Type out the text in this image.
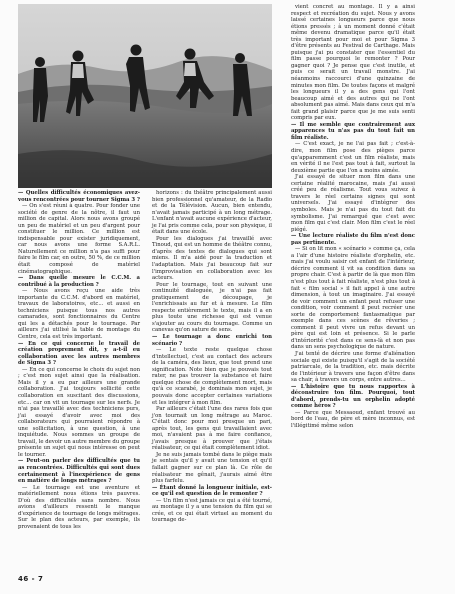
— Quelles difficultés économiques avez-vous rencontrées pour tourner Sigma 3 ?

— On s'est réuni à quatre. Pour fonder une société de genre de la nôtre, il faut un million de capital. Alors nous avons groupé un peu de matériel et un peu d'argent pour constituer le million. Ce million est indispensable pour exister juridiquement, car nous avons une forme S.A.R.L. Naturellement ce million n'a pas suffi pour faire le film car, en outre, 50 %, de ce million était composé de matériel cinématographique.

— Dans quelle mesure le C.C.M. a contribué à la production ?

— Nous avons reçu une aide très importante du C.C.M. d'abord en matériel, travaux de laboratoires, etc... et aussi en techniciens puisque tous nos autres camarades, sont fonctionnaires du Centre qui les a détachés pour le tournage. Par ailleurs j'ai utilisé la table de montage du Centre, cela est très important.

— En ce qui concerne le travail de création proprement dit, y a-t-il eu collaboration avec les autres membres de Sigma 3 ?

— En ce qui concerne le choix du sujet non ; c'est mon sujet ainsi que la réalisation. Mais il y a eu par ailleurs une grande collaboration. J'ai toujours sollicité cette collaboration en suscitant des discussions, etc... car on vit un tournage sur les nerfs. Je n'ai pas travaillé avec des techniciens purs, j'ai essayé d'avoir avec moi des collaborateurs qui pourraient répondre à une sollicitation, à une question, à une inquiétude. Nous sommes un groupe de travail, le devoir un autre membre du groupe présente un sujet qui nous intéresse on peut le tourner.

— Peut-on parler des difficultés que tu as rencontrées. Difficultés qui sont dues certainement à l'inexpérience de gens en matière de longs métrages ?

— Le tournage est une aventure et matériellement nous étions très pauvres. D'où des difficultés sans nombre. Nous avions d'ailleurs ressenti le manque d'expérience de tournage de longs métrages. Sur le plan des acteurs, par exemple, ils provenaient de tous les

horizons : du théâtre principalement aussi bien professionnel qu'amateur, de la Radio et de la Télévision. Aucun, bien entendu, n'avait jamais participé à un long métrage. L'enfant n'avait aucune expérience d'acteur, je l'ai pris comme cela, pour son physique, il était dans une école.

Pour les dialogues j'ai travaillé avec Tinoud, qui est un homme de théâtre connu, d'après des textes de dialogues qui sont miens. Il m'a aidé pour la traduction et l'adaptation. Mais j'ai beaucoup fait sur l'improvisation en collaboration avec les acteurs.

Pour le tournage, tout en suivant une continuité dialoguée, je n'ai pas fait pratiquement de découpage, je l'enrichissais au fur et à mesure. Le film respecte entièrement le texte, mais il a en plus toute une richesse qui est venue s'ajouter au cours du tournage. Comme un canevas qu'on sature de sens.

— Le tournage a donc enrichi ton scénario ?

— Le texte reste quelque chose d'intellectuel, c'est au contact des acteurs de la caméra, des lieux, que tout prend une signification. Note bien que je pouvais tout rater, ne pas trouver la substance et faire quelque chose de complètement mort, mais qu'à ce scarabé, je dominais mon sujet, je pouvais donc accepter certaines variations et les intégrer à mon film.

Par ailleurs c'était l'une des rares fois que j'on tournait un long métrage au Maroc. C'était donc pour moi presque un pari, après tout, les gens qui travaillaient avec moi, n'avaient pas à me faire confiance, j'avais presque à prouver que j'étais réalisateur, ce qui était complètement idiot.

Je ne suis jamais tombé dans le piège mais je sentais qu'il y avait une tension et qu'il fallait gagner sur ce plan là. Ce rôle de réalisateur me gênait, j'aurais aimé être plus farfelu.

— Étant donné la longueur initiale, est-ce qu'il est question de le remonter ?

— Un film n'est jamais ce qui a été tourné, au montage il y a une tension du film qui se crée, et ce qui était virtuel au moment du tournage de-

vient concret au montage. Il y a ainsi respect et recréation du sujet. Nous y avons laissé certaines longueurs parce que nous étions pressés ; à un moment donné c'était même devenu dramatique parce qu'il était très important pour moi et pour Sigma 3 d'être présents au Festival de Carthage. Mais puisque j'ai pu constater que l'essentiel du film passe pourquoi le remonter ? Pour gagner quoi ? Je pense que c'est inutile, et puis ce serait un travail monstre. J'ai néanmoins raccourci d'une quinzaine de minutes mon film. De toutes façons et malgré les longueurs il y a des gens qui l'ont beaucoup aimé et des autres qui ne l'ont absolument pas aimé. Mais dans ceux qui m'a fait grand plaisir parce que je me suis senti compris par eux.

— Il me semble que contrairement aux apparences tu n'as pas du tout fait un film réaliste.

— C'est exact, je ne l'ai pas fait ; c'est-à-dire, mon film pose des pièges parce qu'apparemment c'est un film réaliste, mais en vérité il ne l'est pas tout à fait, surtout la deuxième partie que l'on a moins aimée.

J'ai essayé de situer mon film dans une certaine réalité marocaine, mais j'ai aussi créé peu de réalisme. Tout vous suivez à travers le réel certains signes qui sont universels. J'ai essayé d'intégrer des symboles. Mais je n'ai pas du tout fait du symbolisme. J'ai remarqué que c'est avec mon film qui c'est clair. Mon film c'est le réel piégé.

— Une lecture réaliste du film n'est donc pas pertinente.

— Si on lit mon « scénario » comme ça, cela a l'air d'une histoire réaliste d'orphelin, etc. mais j'ai voulu saisir cet enfant de l'intérieur, décrire comment il vit sa condition dans sa propre chair. C'est à partir de là que mon film n'est plus tout à fait réaliste, n'est plus tout à fait « film social » il fait appel à une autre dimension, à tout un imaginaire. J'ai essayé de voir comment un enfant peut refuser une condition, voir comment il peut recréer une sorte de comportement fantasmatique par exemple dans ces scènes de rêveries ; comment il peut vivre un refus devant un père qui est loin et présence. Si le parle d'intériorité c'est dans ce sens-là et non pas dans un sens psychologique de nature.

J'ai tenté de décrire une forme d'aliénation sociale qui existe puisqu'il s'agit de la société patriarcale, de la tradition, etc. mais décrite de l'intérieur à travers une façon d'être dans sa chair, à travers un corps, entre autres...

— L'histoire que tu nous rapportes à déconstruire ton film. Pourquoi, tout d'abord, prends-tu un orphelin adopté comme héros ?

— Parce que Messaoud, enfant trouvé au bord de l'eau, de père et mère inconnus, est l'illégitimé même selon

46 - 7
